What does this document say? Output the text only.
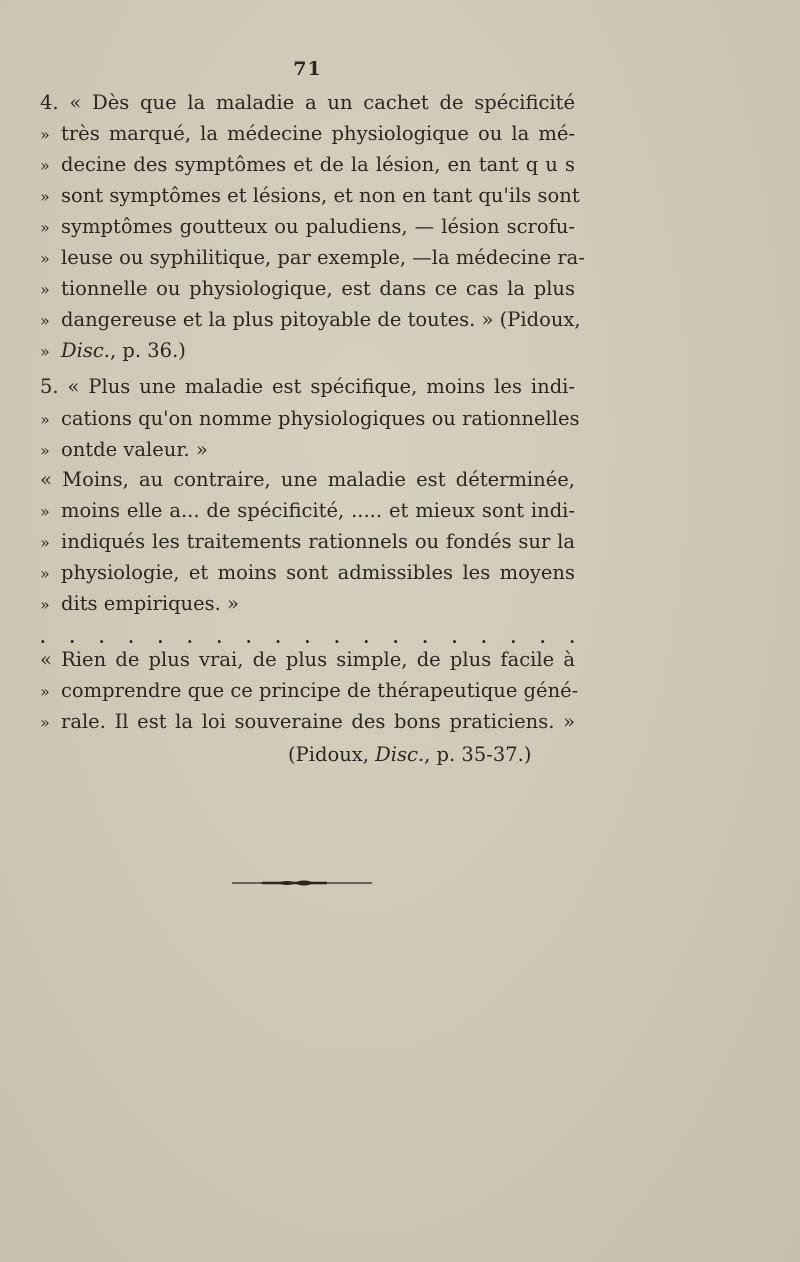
71
4. « Dès que la maladie a un cachet de spécificité
» très marqué, la médecine physiologique ou la mé-
» decine des symptômes et de la lésion, en tant q u s
» sont symptômes et lésions, et non en tant qu'ils sont
» symptômes goutteux ou paludiens, — lésion scrofu-
» leuse ou syphilitique, par exemple, —la médecine ra-
» tionnelle ou physiologique, est dans ce cas la plus
» dangereuse et la plus pitoyable de toutes. » (Pidoux,
» Disc., p. 36.)
5. « Plus une maladie est spécifique, moins les indi-
» cations qu'on nomme physiologiques ou rationnelles
» ontde valeur. »
« Moins, au contraire, une maladie est déterminée,
» moins elle a... de spécificité, ..... et mieux sont indi-
» indiqués les traitements rationnels ou fondés sur la
» physiologie, et moins sont admissibles les moyens
» dits empiriques. »
. . . . . . . . . . . . . . . . . . .
« Rien de plus vrai, de plus simple, de plus facile à
» comprendre que ce principe de thérapeutique géné-
» rale. Il est la loi souveraine des bons praticiens. »
(Pidoux, Disc., p. 35-37.)
